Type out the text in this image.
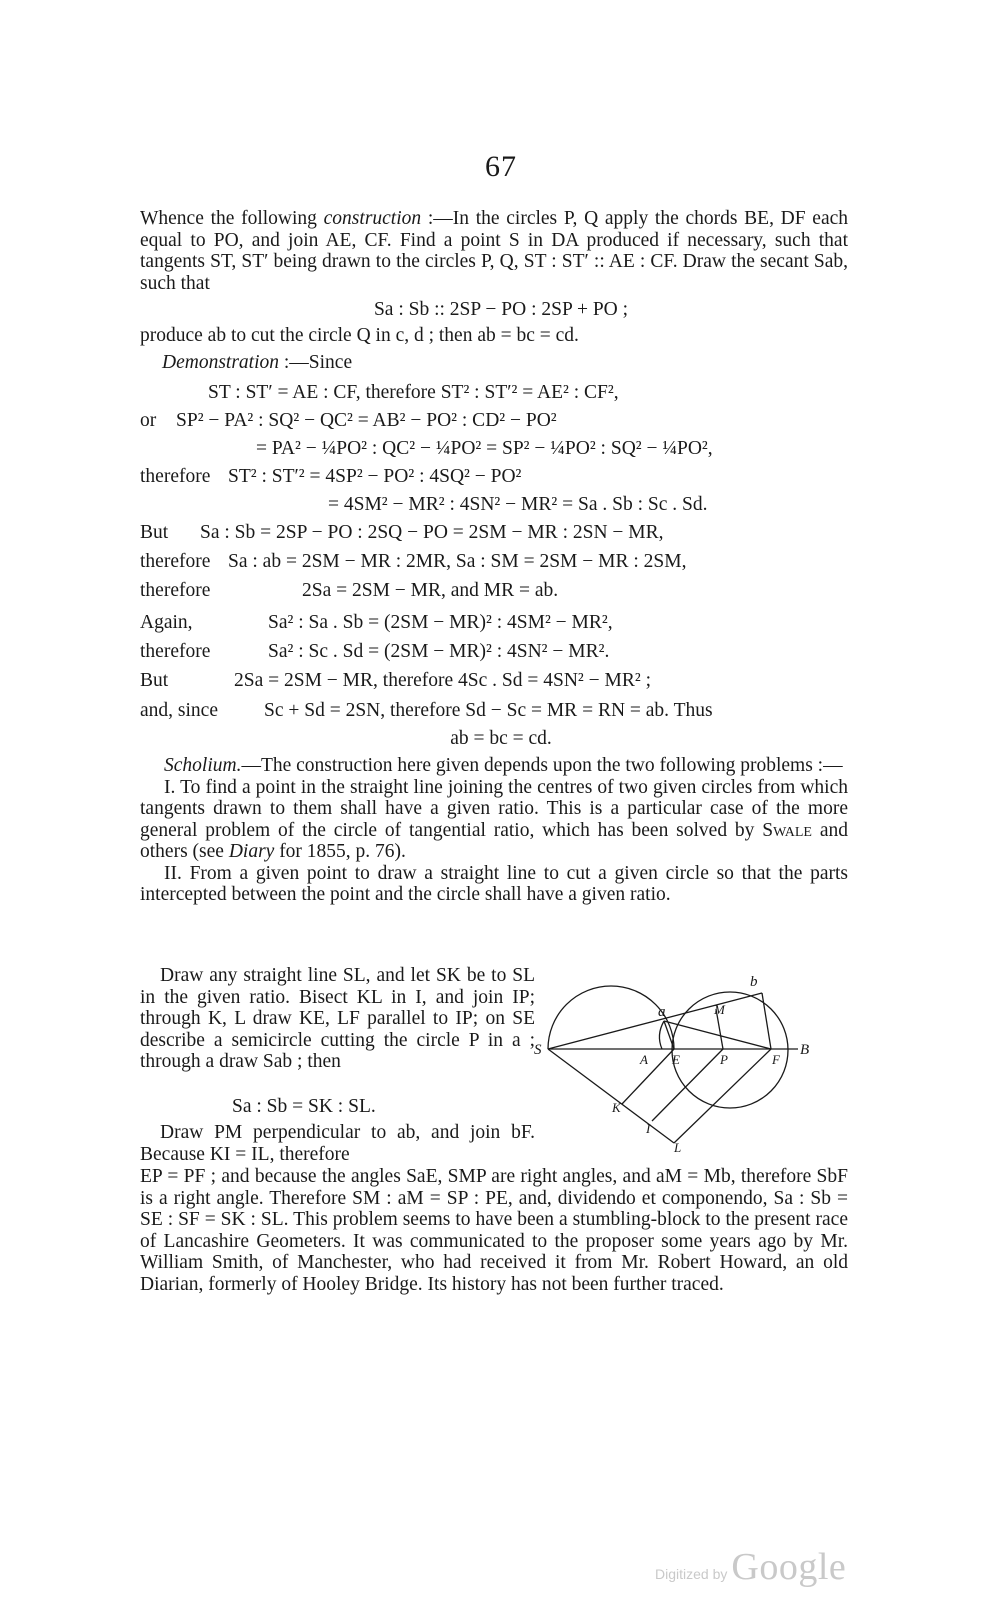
67

Whence the following construction :—In the circles P, Q apply the chords BE, DF each equal to PO, and join AE, CF. Find a point S in DA produced if necessary, such that tangents ST, ST′ being drawn to the circles P, Q, ST : ST′ :: AE : CF. Draw the secant Sab, such that

Sa : Sb :: 2SP − PO : 2SP + PO ;
produce ab to cut the circle Q in c, d ; then ab = bc = cd.
Demonstration :—Since
or
therefore
But
therefore
therefore
Again,
therefore
But
and, since
ST : ST′ = AE : CF, therefore ST² : ST′² = AE² : CF²,
SP² − PA² : SQ² − QC² = AB² − PO² : CD² − PO²
= PA² − ¼PO² : QC² − ¼PO² = SP² − ¼PO² : SQ² − ¼PO²,
ST² : ST′² = 4SP² − PO² : 4SQ² − PO²
= 4SM² − MR² : 4SN² − MR² = Sa . Sb : Sc . Sd.
Sa : Sb = 2SP − PO : 2SQ − PO = 2SM − MR : 2SN − MR,
Sa : ab = 2SM − MR : 2MR, Sa : SM = 2SM − MR : 2SM,
2Sa = 2SM − MR, and MR = ab.
Sa² : Sa . Sb = (2SM − MR)² : 4SM² − MR²,
Sa² : Sc . Sd = (2SM − MR)² : 4SN² − MR².
2Sa = 2SM − MR, therefore 4Sc . Sd = 4SN² − MR² ;
Sc + Sd = 2SN, therefore Sd − Sc = MR = RN = ab. Thus
ab = bc = cd.

Scholium.—The construction here given depends upon the two following problems :—

I. To find a point in the straight line joining the centres of two given circles from which tangents drawn to them shall have a given ratio. This is a particular case of the more general problem of the circle of tangential ratio, which has been solved by Swale and others (see Diary for 1855, p. 76).

II. From a given point to draw a straight line to cut a given circle so that the parts intercepted between the point and the circle shall have a given ratio.

Draw any straight line SL, and let SK be to SL in the given ratio. Bisect KL in I, and join IP; through K, L draw KE, LF parallel to IP; on SE describe a semicircle cutting the circle P in a ; through a draw Sab ; then
Sa : Sb = SK : SL.
Draw PM perpendicular to ab, and join bF. Because KI = IL, therefore

EP = PF ; and because the angles SaE, SMP are right angles, and aM = Mb, therefore SbF is a right angle. Therefore SM : aM = SP : PE, and, dividendo et componendo, Sa : Sb = SE : SF = SK : SL. This problem seems to have been a stumbling-block to the present race of Lancashire Geometers. It was communicated to the proposer some years ago by Mr. William Smith, of Manchester, who had received it from Mr. Robert Howard, an old Diarian, formerly of Hooley Bridge. Its history has not been further traced.

S
a
b
M
A E	P	F
B
K
I
L
Digitized by Google
